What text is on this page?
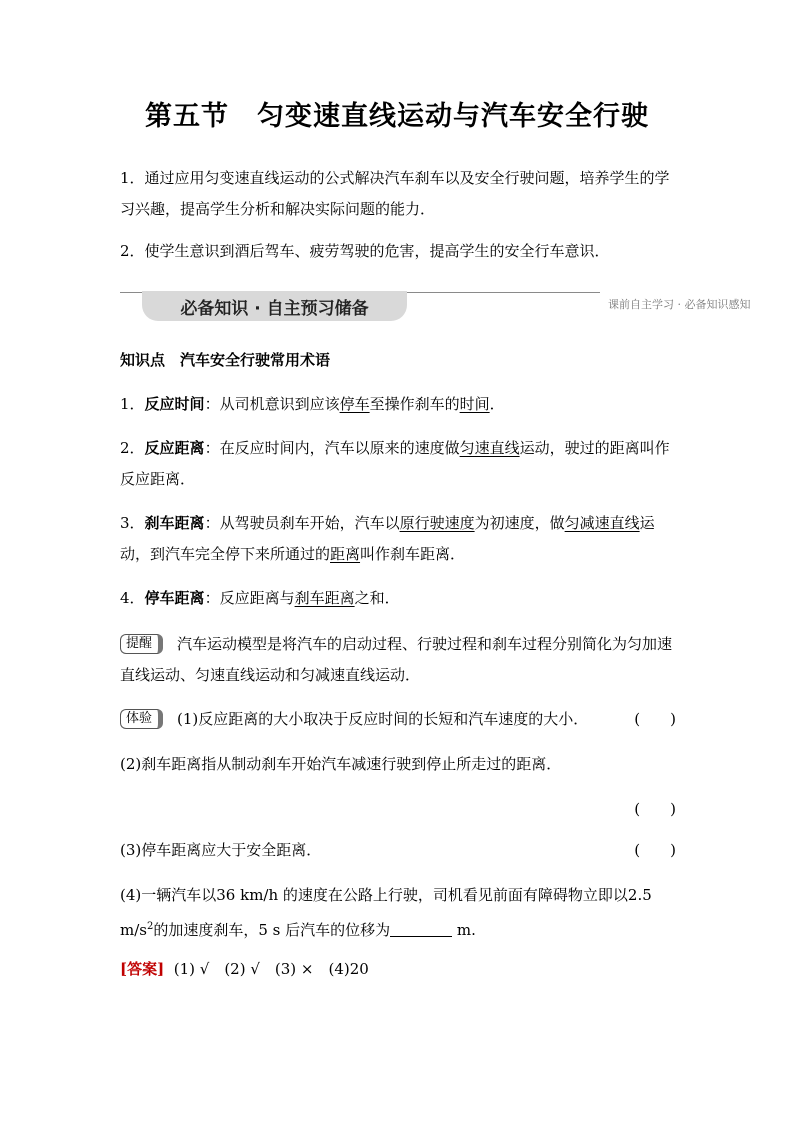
第五节　匀变速直线运动与汽车安全行驶
1．通过应用匀变速直线运动的公式解决汽车刹车以及安全行驶问题，培养学生的学习兴趣，提高学生分析和解决实际问题的能力．
2．使学生意识到酒后驾车、疲劳驾驶的危害，提高学生的安全行车意识．
必备知识 · 自主预习储备	课前自主学习 · 必备知识感知
知识点　汽车安全行驶常用术语
1．反应时间：从司机意识到应该停车至操作刹车的时间．
2．反应距离：在反应时间内，汽车以原来的速度做匀速直线运动，驶过的距离叫作反应距离．
3．刹车距离：从驾驶员刹车开始，汽车以原行驶速度为初速度，做匀减速直线运动，到汽车完全停下来所通过的距离叫作刹车距离．
4．停车距离：反应距离与刹车距离之和．
提醒 汽车运动模型是将汽车的启动过程、行驶过程和刹车过程分别简化为匀加速直线运动、匀速直线运动和匀减速直线运动．
体验 (1)反应距离的大小取决于反应时间的长短和汽车速度的大小．	(　　)
(2)刹车距离指从制动刹车开始汽车减速行驶到停止所走过的距离．
(　　)
(3)停车距离应大于安全距离．	(　　)
(4)一辆汽车以36 km/h 的速度在公路上行驶，司机看见前面有障碍物立即以2.5
$m/s^2$的加速度刹车，5 s 后汽车的位移为	m.
[答案] (1) √　(2) √　(3) ×　(4)20
